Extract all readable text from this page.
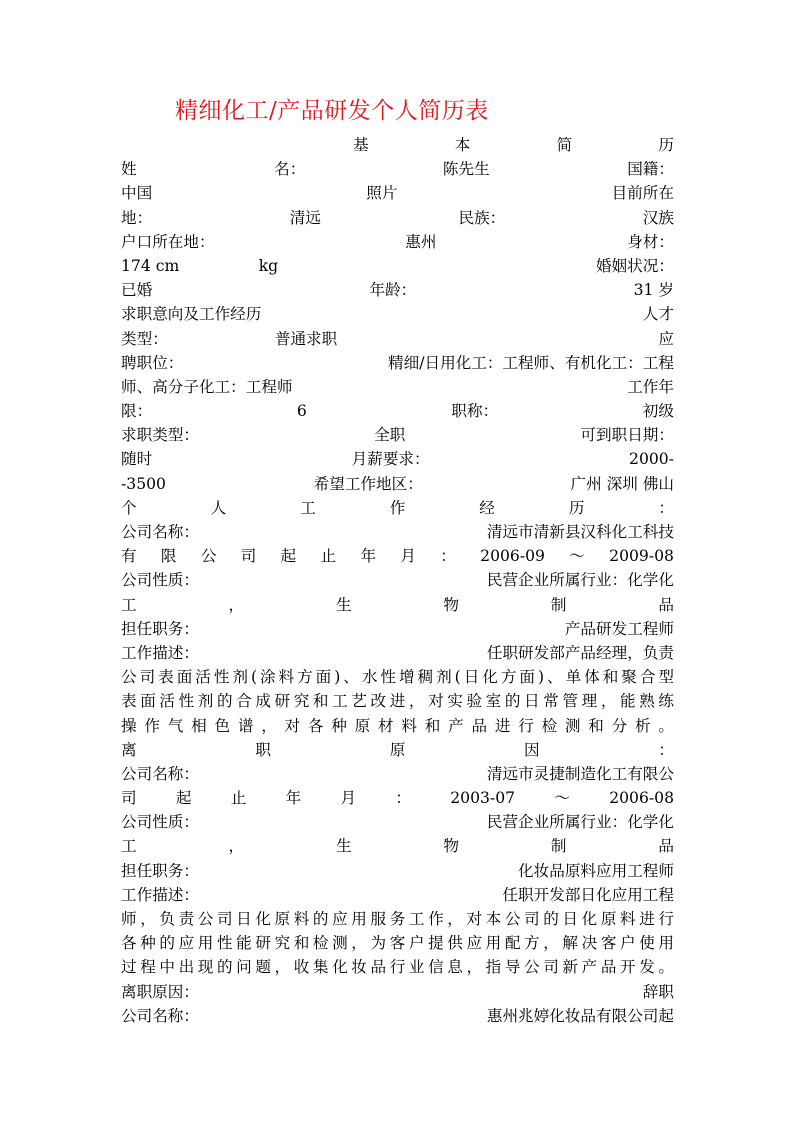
精细化工/产品研发个人简历表
基	本	简	历
姓	名：	陈先生	国籍：
中国	照片	目前所在
地：	清远	民族：	汉族
户口所在地：	惠州	身材：
174 cm	kg	婚姻状况：
已婚	年龄：	31 岁
求职意向及工作经历	人才
类型：	普通求职	应
聘职位：	精细/日用化工：工程师、有机化工：工程
师、高分子化工：工程师	工作年
限：	6	职称：	初级
求职类型：	全职	可到职日期：
随时	月薪要求：	2000-
-3500	希望工作地区：	广州 深圳 佛山
个	人	工	作	经	历	：
公司名称：	清远市清新县汉科化工科技
有 限 公 司 起 止 年 月 ： 2006-09 ～ 2009-08
公司性质：	民营企业所属行业：化学化
工	，	生	物	制	品
担任职务：	产品研发工程师
工作描述：	任职研发部产品经理，负责
公司表面活性剂(涂料方面)、水性增稠剂(日化方面)、单体和聚合型
表面活性剂的合成研究和工艺改进，对实验室的日常管理，能熟练
操作气相色谱，对各种原材料和产品进行检测和分析。
离	职	原	因	：
公司名称：	清远市灵捷制造化工有限公
司	起	止	年	月	：	2003-07	～	2006-08
公司性质：	民营企业所属行业：化学化
工	，	生	物	制	品
担任职务：	化妆品原料应用工程师
工作描述：	任职开发部日化应用工程
师，负责公司日化原料的应用服务工作，对本公司的日化原料进行
各种的应用性能研究和检测，为客户提供应用配方，解决客户使用
过程中出现的问题，收集化妆品行业信息，指导公司新产品开发。
离职原因：	辞职
公司名称：	惠州兆婷化妆品有限公司起
